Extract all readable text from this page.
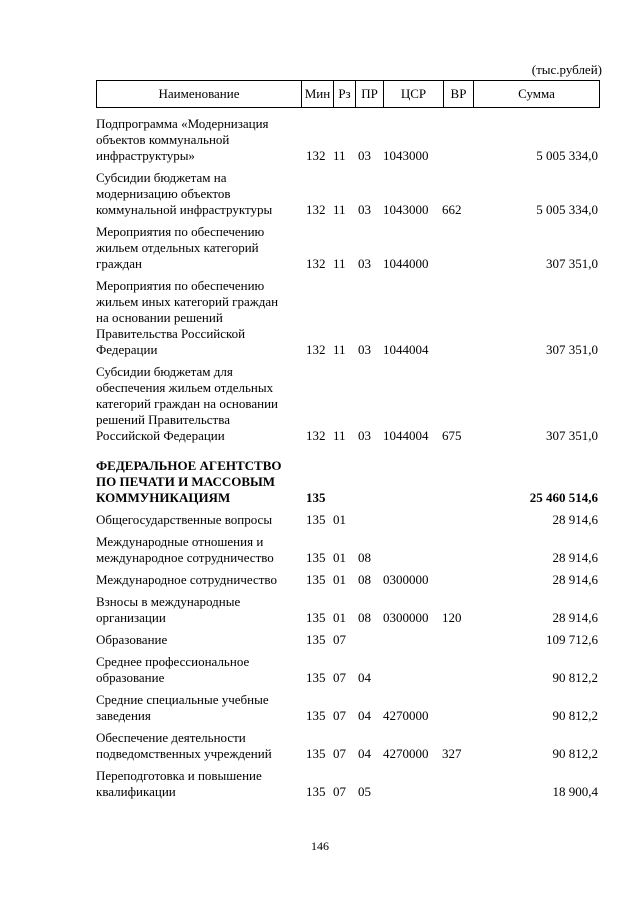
(тыс.рублей)
Наименование	Мин Рз ПР	ЦСР	ВР	Сумма
Подпрограмма «Модернизация
объектов коммунальной
инфраструктуры»	132 11 03 1043000	5 005 334,0
Субсидии бюджетам на
модернизацию объектов
коммунальной инфраструктуры	132 11 03 1043000 662	5 005 334,0
Мероприятия по обеспечению
жильем отдельных категорий
граждан	132 11 03 1044000	307 351,0
Мероприятия по обеспечению
жильем иных категорий граждан
на основании решений
Правительства Российской
Федерации	132 11 03 1044004	307 351,0
Субсидии бюджетам для
обеспечения жильем отдельных
категорий граждан на основании
решений Правительства
Российской Федерации	132 11 03 1044004 675	307 351,0
ФЕДЕРАЛЬНОЕ АГЕНТСТВО
ПО ПЕЧАТИ И МАССОВЫМ
КОММУНИКАЦИЯМ	135	25 460 514,6
Общегосударственные вопросы	135 01	28 914,6
Международные отношения и
международное сотрудничество	135 01 08	28 914,6
Международное сотрудничество	135 01 08 0300000	28 914,6
Взносы в международные
организации	135 01 08 0300000 120	28 914,6
Образование	135 07	109 712,6
Среднее профессиональное
образование	135 07 04	90 812,2
Средние специальные учебные
заведения	135 07 04 4270000	90 812,2
Обеспечение деятельности
подведомственных учреждений	135 07 04 4270000 327	90 812,2
Переподготовка и повышение
квалификации	135 07 05	18 900,4
146
